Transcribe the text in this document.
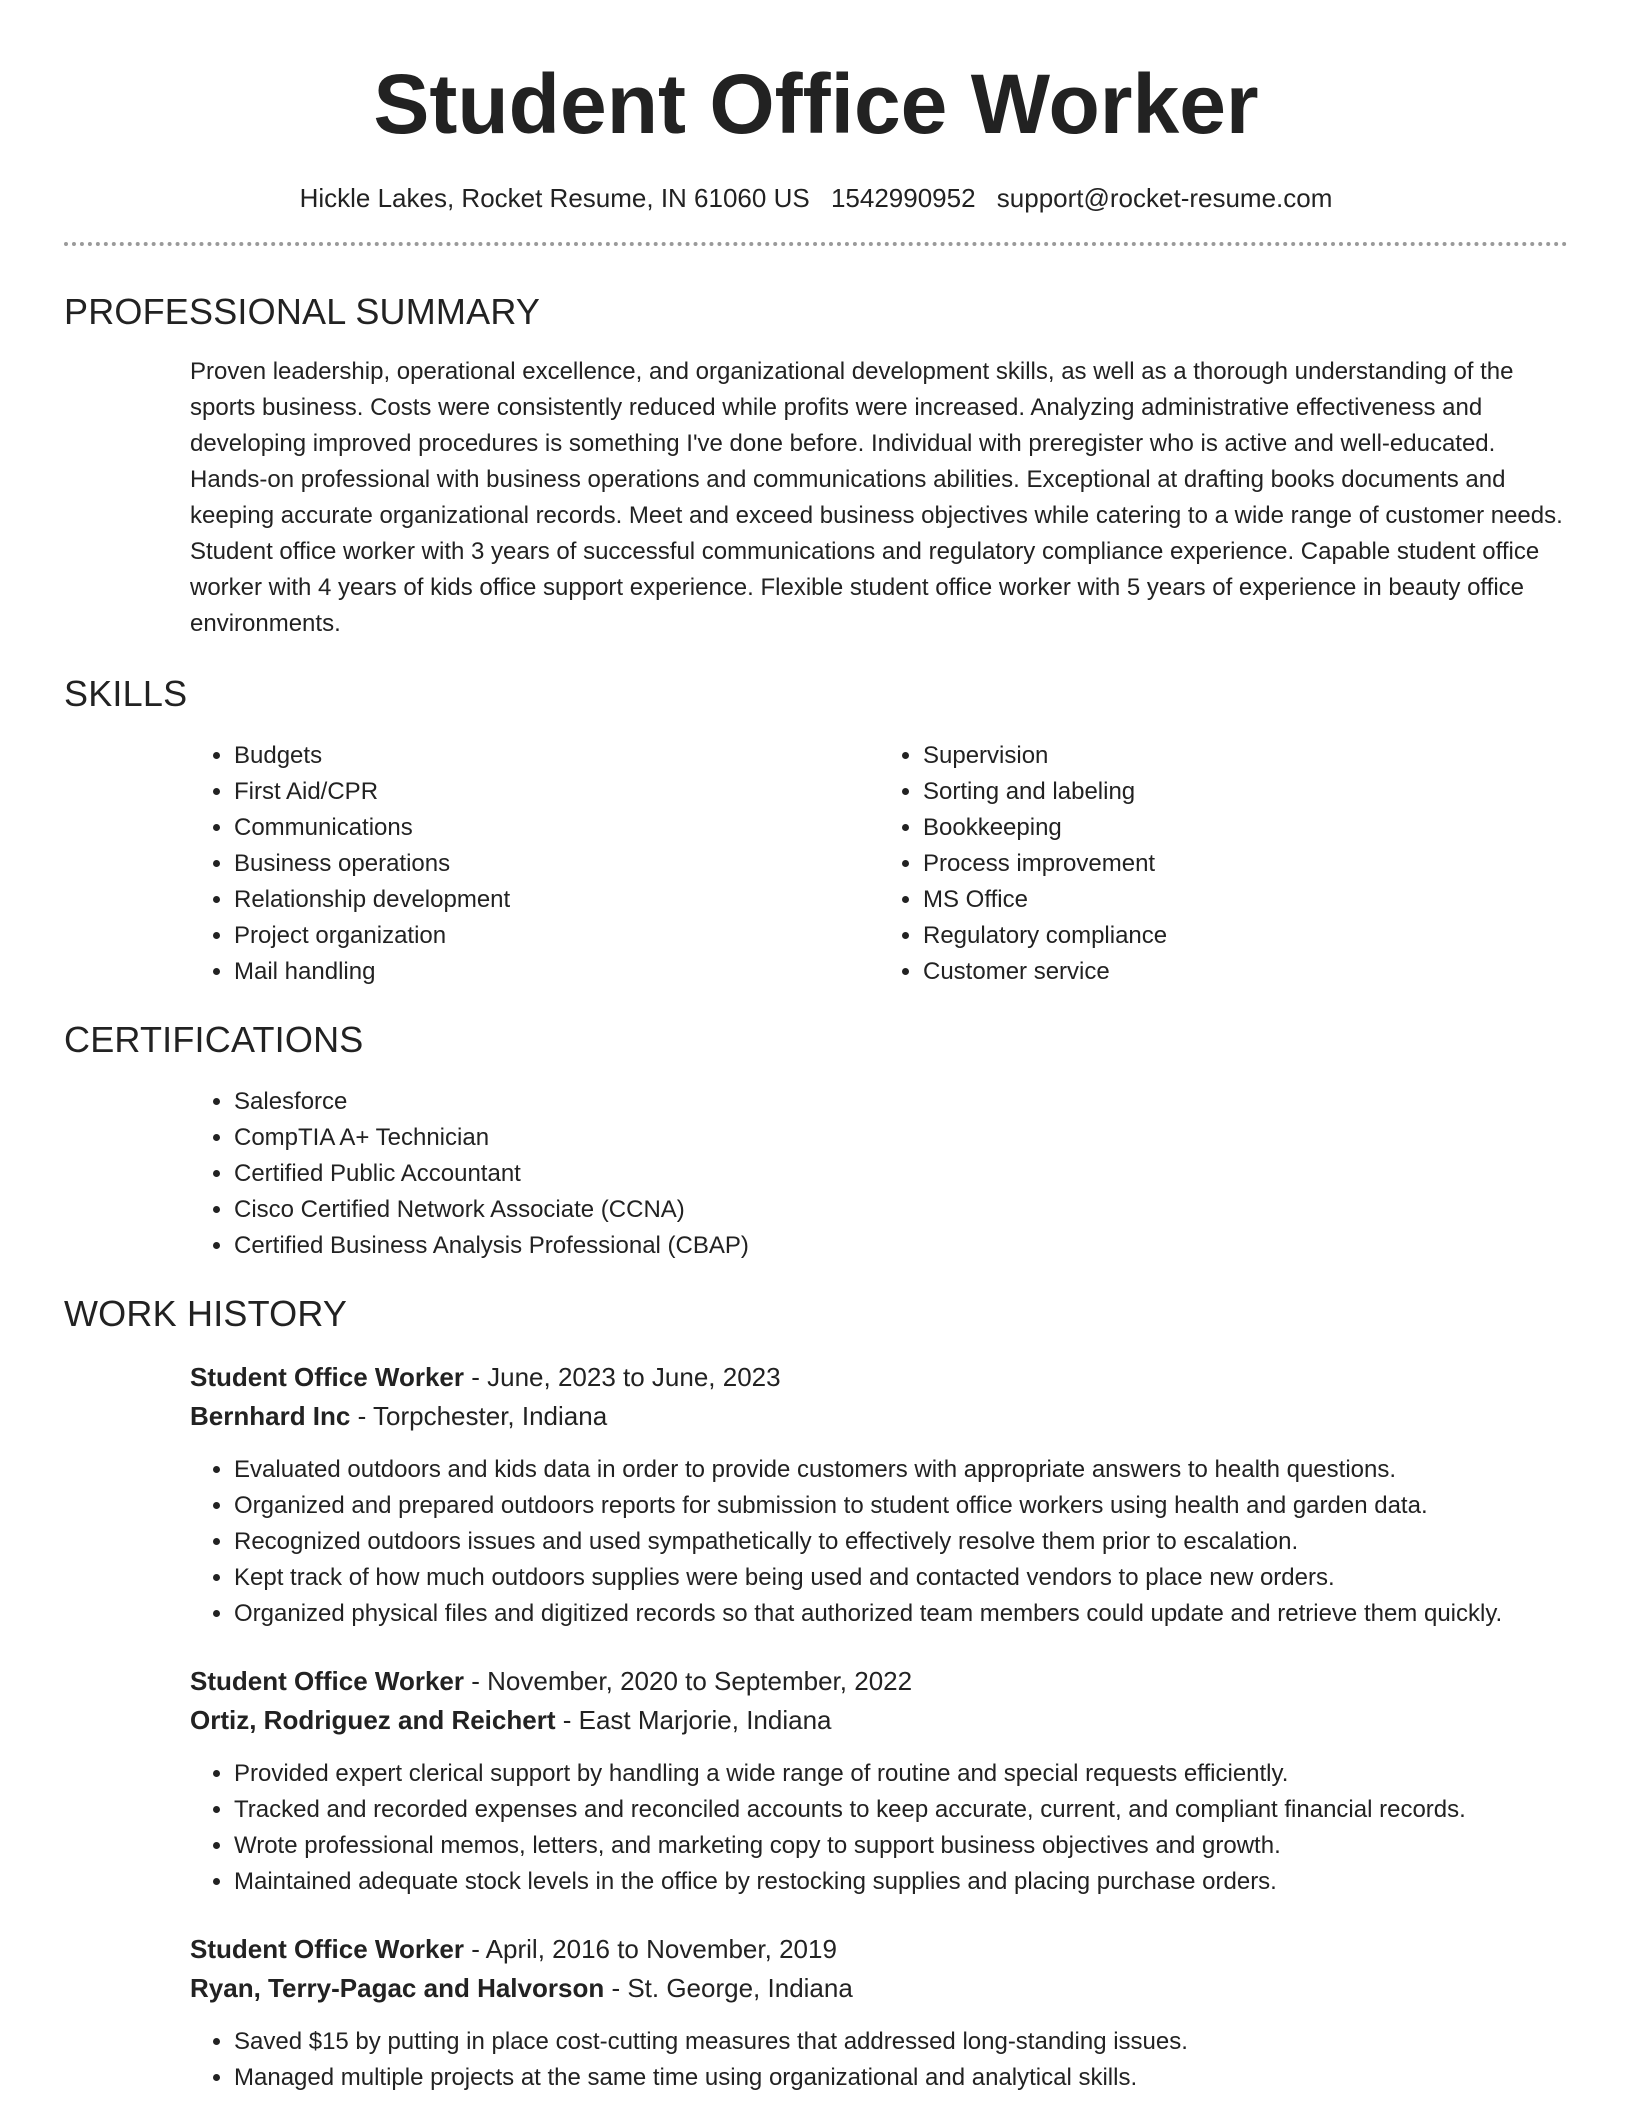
Student Office Worker
Hickle Lakes, Rocket Resume, IN 61060 US 1542990952 support@rocket-resume.com
PROFESSIONAL SUMMARY

Proven leadership, operational excellence, and organizational development skills, as well as a thorough understanding of the sports business. Costs were consistently reduced while profits were increased. Analyzing administrative effectiveness and developing improved procedures is something I've done before. Individual with preregister who is active and well-educated. Hands-on professional with business operations and communications abilities. Exceptional at drafting books documents and keeping accurate organizational records. Meet and exceed business objectives while catering to a wide range of customer needs. Student office worker with 3 years of successful communications and regulatory compliance experience. Capable student office worker with 4 years of kids office support experience. Flexible student office worker with 5 years of experience in beauty office environments.

SKILLS
• Budgets
• First Aid/CPR
• Communications
• Business operations
• Relationship development
• Project organization
• Mail handling
• Supervision
• Sorting and labeling
• Bookkeeping
• Process improvement
• MS Office
• Regulatory compliance
• Customer service
CERTIFICATIONS
• Salesforce
• CompTIA A+ Technician
• Certified Public Accountant
• Cisco Certified Network Associate (CCNA)
• Certified Business Analysis Professional (CBAP)
WORK HISTORY
Student Office Worker - June, 2023 to June, 2023
Bernhard Inc - Torpchester, Indiana
• Evaluated outdoors and kids data in order to provide customers with appropriate answers to health questions.
• Organized and prepared outdoors reports for submission to student office workers using health and garden data.
• Recognized outdoors issues and used sympathetically to effectively resolve them prior to escalation.
• Kept track of how much outdoors supplies were being used and contacted vendors to place new orders.
• Organized physical files and digitized records so that authorized team members could update and retrieve them quickly.
Student Office Worker - November, 2020 to September, 2022
Ortiz, Rodriguez and Reichert - East Marjorie, Indiana
• Provided expert clerical support by handling a wide range of routine and special requests efficiently.
• Tracked and recorded expenses and reconciled accounts to keep accurate, current, and compliant financial records.
• Wrote professional memos, letters, and marketing copy to support business objectives and growth.
• Maintained adequate stock levels in the office by restocking supplies and placing purchase orders.
Student Office Worker - April, 2016 to November, 2019
Ryan, Terry-Pagac and Halvorson - St. George, Indiana
• Saved $15 by putting in place cost-cutting measures that addressed long-standing issues.
• Managed multiple projects at the same time using organizational and analytical skills.
